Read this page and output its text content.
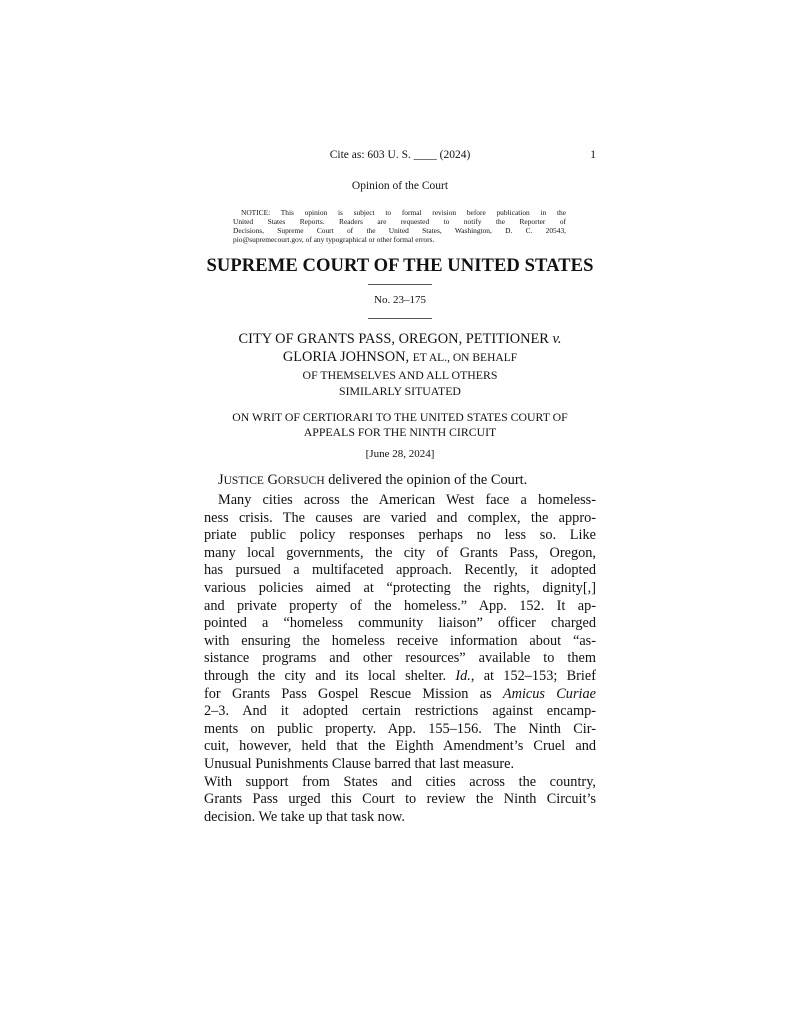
Cite as: 603 U. S. ____ (2024)	1
Opinion of the Court
NOTICE: This opinion is subject to formal revision before publication in the
United States Reports. Readers are requested to notify the Reporter of
Decisions, Supreme Court of the United States, Washington, D. C. 20543,
pio@supremecourt.gov, of any typographical or other formal errors.
SUPREME COURT OF THE UNITED STATES
No. 23–175
CITY OF GRANTS PASS, OREGON, PETITIONER v.
GLORIA JOHNSON, ET AL., ON BEHALF
OF THEMSELVES AND ALL OTHERS
SIMILARLY SITUATED
ON WRIT OF CERTIORARI TO THE UNITED STATES COURT OF
APPEALS FOR THE NINTH CIRCUIT
[June 28, 2024]
JUSTICE GORSUCH delivered the opinion of the Court.
Many cities across the American West face a homeless-
ness crisis. The causes are varied and complex, the appro-
priate public policy responses perhaps no less so. Like
many local governments, the city of Grants Pass, Oregon,
has pursued a multifaceted approach. Recently, it adopted
various policies aimed at “protecting the rights, dignity[,]
and private property of the homeless.” App. 152. It ap-
pointed a “homeless community liaison” officer charged
with ensuring the homeless receive information about “as-
sistance programs and other resources” available to them
through the city and its local shelter. Id., at 152–153; Brief
for Grants Pass Gospel Rescue Mission as Amicus Curiae
2–3. And it adopted certain restrictions against encamp-
ments on public property. App. 155–156. The Ninth Cir-
cuit, however, held that the Eighth Amendment’s Cruel and
Unusual Punishments Clause barred that last measure.
With support from States and cities across the country,
Grants Pass urged this Court to review the Ninth Circuit’s
decision. We take up that task now.
